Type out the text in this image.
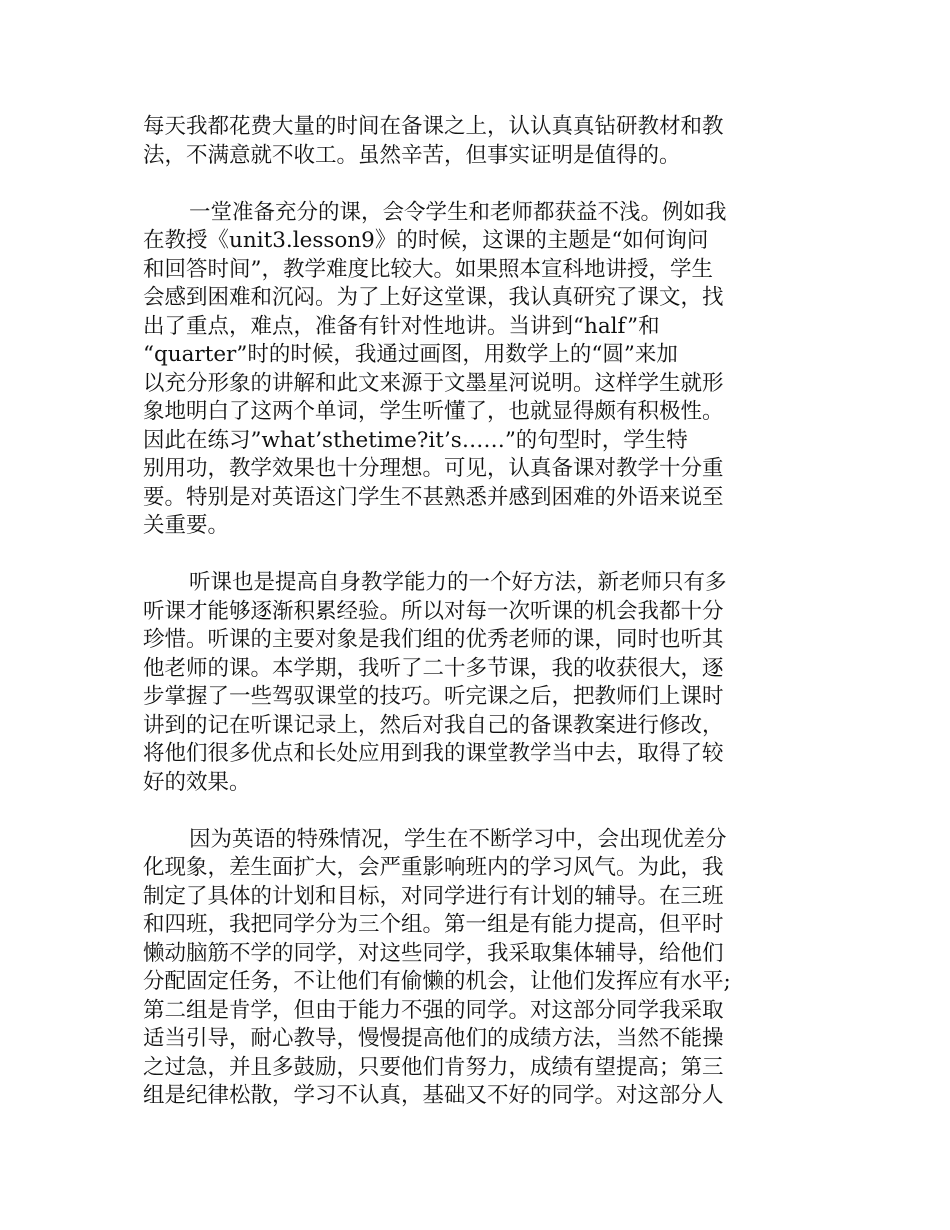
每天我都花费大量的时间在备课之上，认认真真钻研教材和教
法，不满意就不收工。虽然辛苦，但事实证明是值得的。
一堂准备充分的课，会令学生和老师都获益不浅。例如我
在教授《unit3.lesson9》的时候，这课的主题是“如何询问
和回答时间”，教学难度比较大。如果照本宣科地讲授，学生
会感到困难和沉闷。为了上好这堂课，我认真研究了课文，找
出了重点，难点，准备有针对性地讲。当讲到“half”和
“quarter”时的时候，我通过画图，用数学上的“圆”来加
以充分形象的讲解和此文来源于文墨星河说明。这样学生就形
象地明白了这两个单词，学生听懂了，也就显得颇有积极性。
因此在练习”what’sthetime?it’s……”的句型时，学生特
别用功，教学效果也十分理想。可见，认真备课对教学十分重
要。特别是对英语这门学生不甚熟悉并感到困难的外语来说至
关重要。
听课也是提高自身教学能力的一个好方法，新老师只有多
听课才能够逐渐积累经验。所以对每一次听课的机会我都十分
珍惜。听课的主要对象是我们组的优秀老师的课，同时也听其
他老师的课。本学期，我听了二十多节课，我的收获很大，逐
步掌握了一些驾驭课堂的技巧。听完课之后，把教师们上课时
讲到的记在听课记录上，然后对我自己的备课教案进行修改，
将他们很多优点和长处应用到我的课堂教学当中去，取得了较
好的效果。
因为英语的特殊情况，学生在不断学习中，会出现优差分
化现象，差生面扩大，会严重影响班内的学习风气。为此，我
制定了具体的计划和目标，对同学进行有计划的辅导。在三班
和四班，我把同学分为三个组。第一组是有能力提高，但平时
懒动脑筋不学的同学，对这些同学，我采取集体辅导，给他们
分配固定任务，不让他们有偷懒的机会，让他们发挥应有水平;
第二组是肯学，但由于能力不强的同学。对这部分同学我采取
适当引导，耐心教导，慢慢提高他们的成绩方法，当然不能操
之过急，并且多鼓励，只要他们肯努力，成绩有望提高；第三
组是纪律松散，学习不认真，基础又不好的同学。对这部分人
